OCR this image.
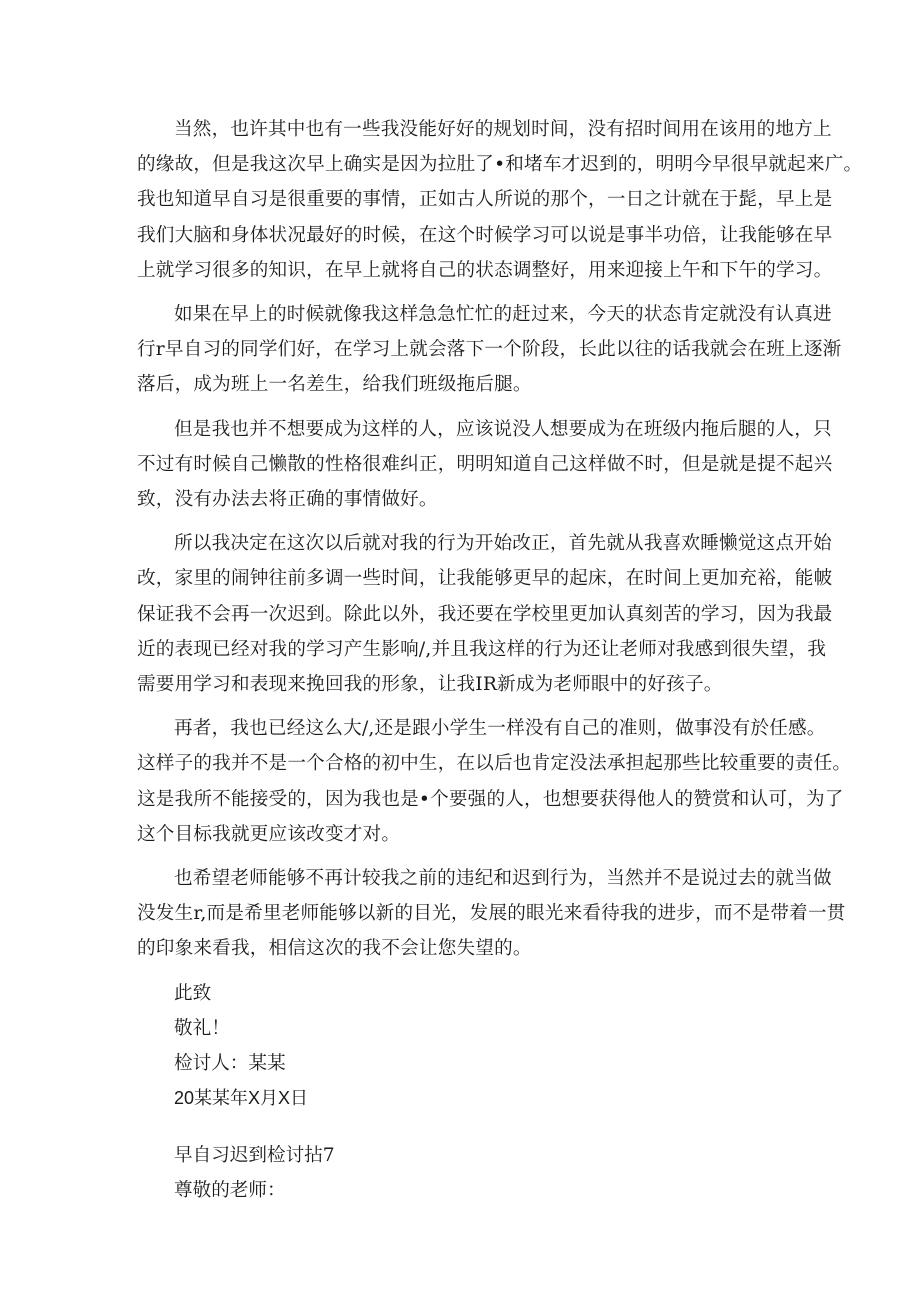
当然，也许其中也有一些我没能好好的规划时间，没有招时间用在该用的地方上
的缘故，但是我这次早上确实是因为拉肚了•和堵车才迟到的，明明今早很早就起来广。
我也知道早自习是很重要的事情，正如古人所说的那个，一日之计就在于髭，早上是
我们大脑和身体状况最好的时候，在这个时候学习可以说是事半功倍，让我能够在早
上就学习很多的知识，在早上就将自己的状态调整好，用来迎接上午和下午的学习。

如果在早上的时候就像我这样急急忙忙的赶过来，今天的状态肯定就没有认真进
行r早自习的同学们好，在学习上就会落下一个阶段，长此以往的话我就会在班上逐渐
落后，成为班上一名差生，给我们班级拖后腿。

但是我也并不想要成为这样的人，应该说没人想要成为在班级内拖后腿的人，只
不过有时候自己懒散的性格很难纠正，明明知道自己这样做不时，但是就是提不起兴
致，没有办法去将正确的事情做好。

所以我决定在这次以后就对我的行为开始改正，首先就从我喜欢睡懒觉这点开始
改，家里的闹钟往前多调一些时间，让我能够更早的起床，在时间上更加充裕，能帔
保证我不会再一次迟到。除此以外，我还要在学校里更加认真刻苦的学习，因为我最
近的表现已经对我的学习产生影响/,并且我这样的行为还让老师对我感到很失望，我
需要用学习和表现来挽回我的形象，让我IR新成为老师眼中的好孩子。

再者，我也已经这么大/,还是跟小学生一样没有自己的准则，做事没有於任感。
这样子的我并不是一个合格的初中生，在以后也肯定没法承担起那些比较重要的责任。
这是我所不能接受的，因为我也是•个要强的人，也想要获得他人的赞赏和认可，为了
这个目标我就更应该改变才对。

也希望老师能够不再计较我之前的违纪和迟到行为，当然并不是说过去的就当做
没发生r,而是希里老师能够以新的目光，发展的眼光来看待我的进步，而不是带着一贯
的印象来看我，相信这次的我不会让您失望的。

此致

敬礼！

检讨人：某某

20某某年X月X日

早自习迟到检讨拈7

尊敬的老师：
